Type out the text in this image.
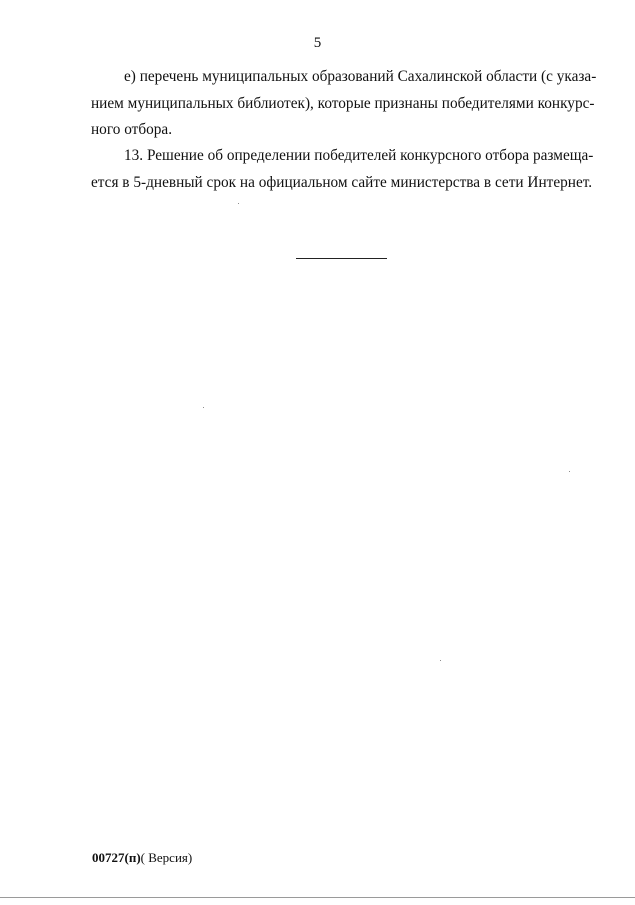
5

е) перечень муниципальных образований Сахалинской области (с указа-
нием муниципальных библиотек), которые признаны победителями конкурс-
ного отбора.

13. Решение об определении победителей конкурсного отбора размеща-
ется в 5-дневный срок на официальном сайте министерства в сети Интернет.

00727(п)( Версия)
